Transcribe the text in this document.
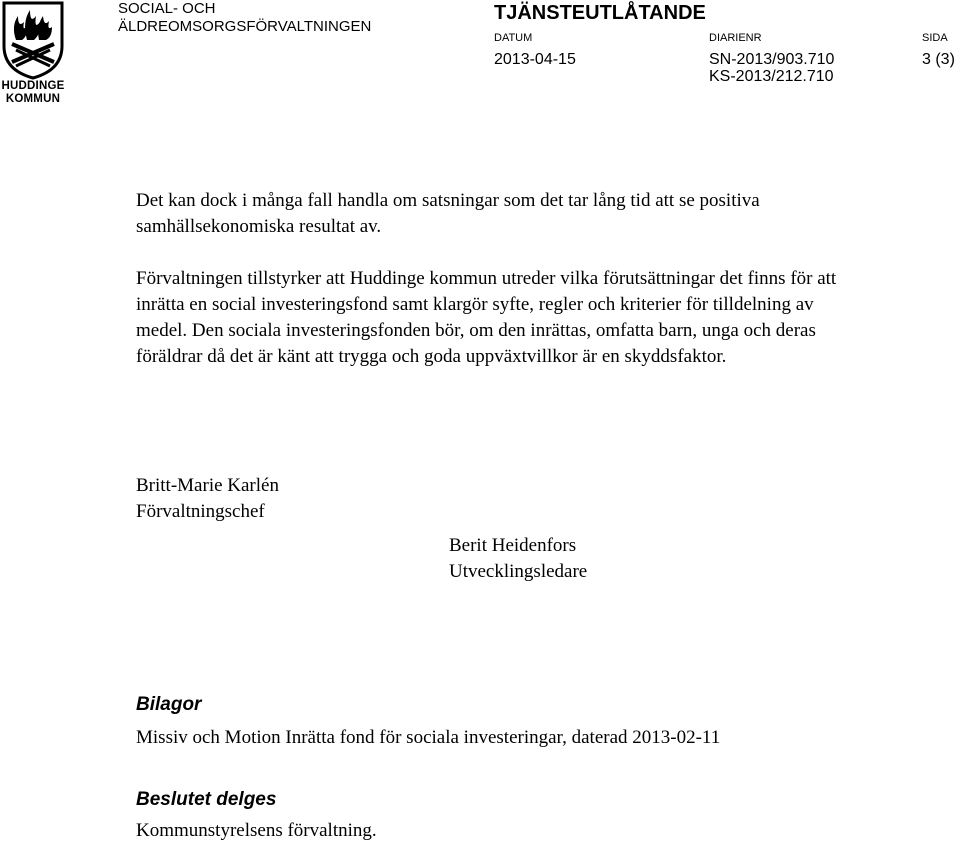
HUDDINGE
KOMMUN
SOCIAL- OCH
ÄLDREOMSORGSFÖRVALTNINGEN
TJÄNSTEUTLÅTANDE
DATUM
2013-04-15
DIARIENR
SN-2013/903.710
KS-2013/212.710
SIDA
3 (3)
Det kan dock i många fall handla om satsningar som det tar lång tid att se positiva samhällsekonomiska resultat av.
Förvaltningen tillstyrker att Huddinge kommun utreder vilka förutsättningar det finns för att inrätta en social investeringsfond samt klargör syfte, regler och kriterier för tilldelning av medel. Den sociala investeringsfonden bör, om den inrättas, omfatta barn, unga och deras föräldrar då det är känt att trygga och goda uppväxtvillkor är en skyddsfaktor.
Britt-Marie Karlén
Förvaltningschef
Berit Heidenfors
Utvecklingsledare
Bilagor
Missiv och Motion Inrätta fond för sociala investeringar, daterad 2013-02-11
Beslutet delges
Kommunstyrelsens förvaltning.
